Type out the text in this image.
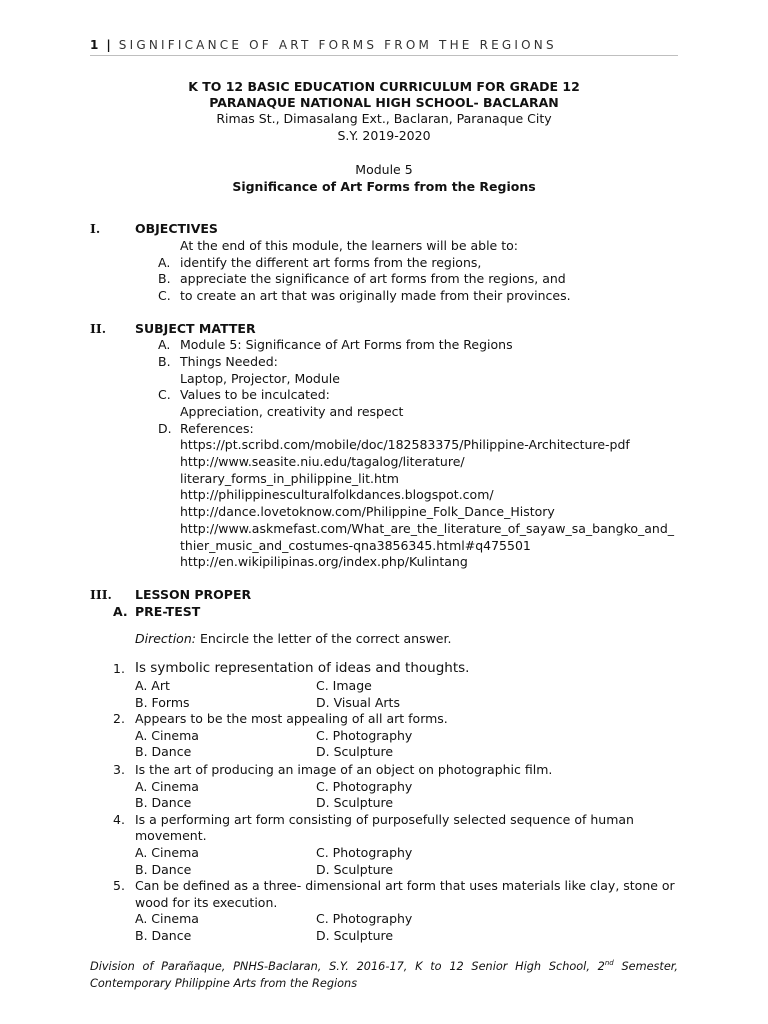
1 | SIGNIFICANCE OF ART FORMS FROM THE REGIONS
K TO 12 BASIC EDUCATION CURRICULUM FOR GRADE 12
PARANAQUE NATIONAL HIGH SCHOOL- BACLARAN
Rimas St., Dimasalang Ext., Baclaran, Paranaque City
S.Y. 2019-2020
Module 5
Significance of Art Forms from the Regions
I.	OBJECTIVES
At the end of this module, the learners will be able to:
A. identify the different art forms from the regions,
B. appreciate the significance of art forms from the regions, and
C. to create an art that was originally made from their provinces.
II. SUBJECT MATTER
A. Module 5: Significance of Art Forms from the Regions
B. Things Needed:
Laptop, Projector, Module
C. Values to be inculcated:
Appreciation, creativity and respect
D. References:
https://pt.scribd.com/mobile/doc/182583375/Philippine-Architecture-pdf
http://www.seasite.niu.edu/tagalog/literature/
literary_forms_in_philippine_lit.htm
http://philippinesculturalfolkdances.blogspot.com/
http://dance.lovetoknow.com/Philippine_Folk_Dance_History
http://www.askmefast.com/What_are_the_literature_of_sayaw_sa_bangko_and_
thier_music_and_costumes-qna3856345.html#q475501
http://en.wikipilipinas.org/index.php/Kulintang
III. LESSON PROPER
A. PRE-TEST
Direction: Encircle the letter of the correct answer.
1. Is symbolic representation of ideas and thoughts.
A. Art	C. Image
B. Forms	D. Visual Arts
2. Appears to be the most appealing of all art forms.
A. Cinema	C. Photography
B. Dance	D. Sculpture
3. Is the art of producing an image of an object on photographic film.
A. Cinema	C. Photography
B. Dance	D. Sculpture
4. Is a performing art form consisting of purposefully selected sequence of human
movement.
A. Cinema	C. Photography
B. Dance	D. Sculpture
5. Can be defined as a three- dimensional art form that uses materials like clay, stone or
wood for its execution.
A. Cinema	C. Photography
B. Dance	D. Sculpture
Division of Parañaque, PNHS-Baclaran, S.Y. 2016-17, K to 12 Senior High School, 2nd Semester, Contemporary Philippine Arts from the Regions
